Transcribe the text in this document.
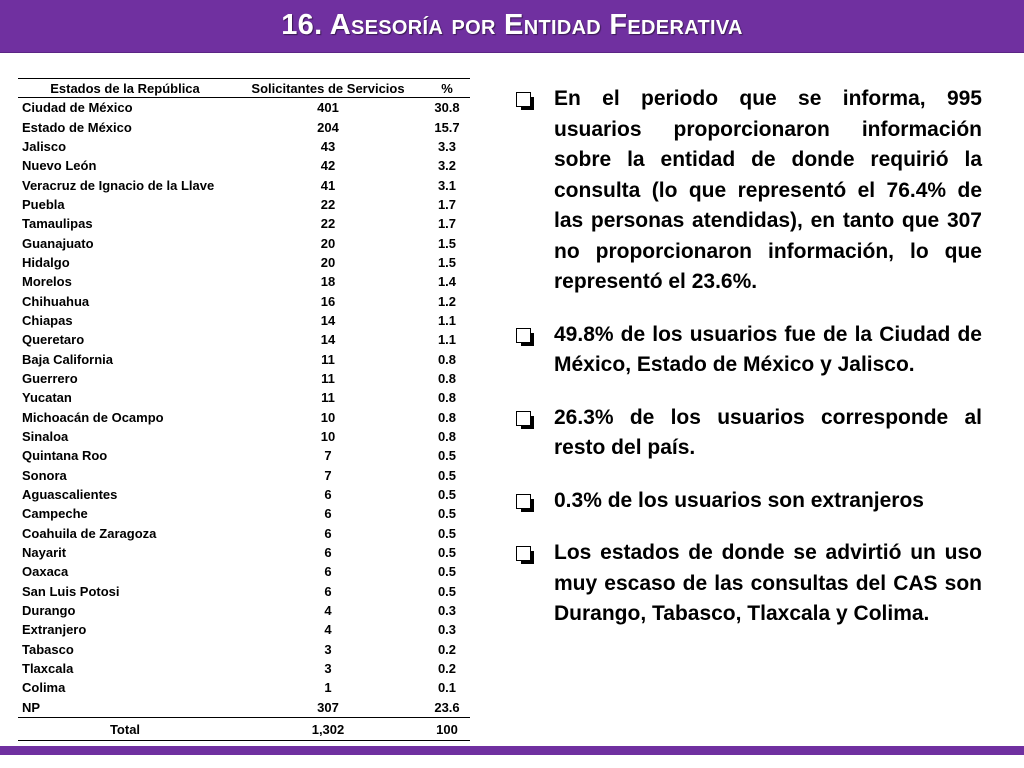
16. Asesoría por Entidad Federativa
Estados de la República	Solicitantes de Servicios	%
Ciudad de México	401	30.8
Estado de México	204	15.7
Jalisco	43	3.3
Nuevo León	42	3.2
Veracruz de Ignacio de la Llave	41	3.1
Puebla	22	1.7
Tamaulipas	22	1.7
Guanajuato	20	1.5
Hidalgo	20	1.5
Morelos	18	1.4
Chihuahua	16	1.2
Chiapas	14	1.1
Queretaro	14	1.1
Baja California	11	0.8
Guerrero	11	0.8
Yucatan	11	0.8
Michoacán de Ocampo	10	0.8
Sinaloa	10	0.8
Quintana Roo	7	0.5
Sonora	7	0.5
Aguascalientes	6	0.5
Campeche	6	0.5
Coahuila de Zaragoza	6	0.5
Nayarit	6	0.5
Oaxaca	6	0.5
San Luis Potosi	6	0.5
Durango	4	0.3
Extranjero	4	0.3
Tabasco	3	0.2
Tlaxcala	3	0.2
Colima	1	0.1
NP	307	23.6
Total	1,302	100
En el periodo que se informa, 995 usuarios proporcionaron información sobre la entidad de donde requirió la consulta (lo que representó el 76.4% de las personas atendidas), en tanto que 307 no proporcionaron información, lo que representó el 23.6%.
49.8% de los usuarios fue de la Ciudad de México, Estado de México y Jalisco.
26.3% de los usuarios corresponde al resto del país.
0.3% de los usuarios son extranjeros
Los estados de donde se advirtió un uso muy escaso de las consultas del CAS son Durango, Tabasco, Tlaxcala y Colima.
